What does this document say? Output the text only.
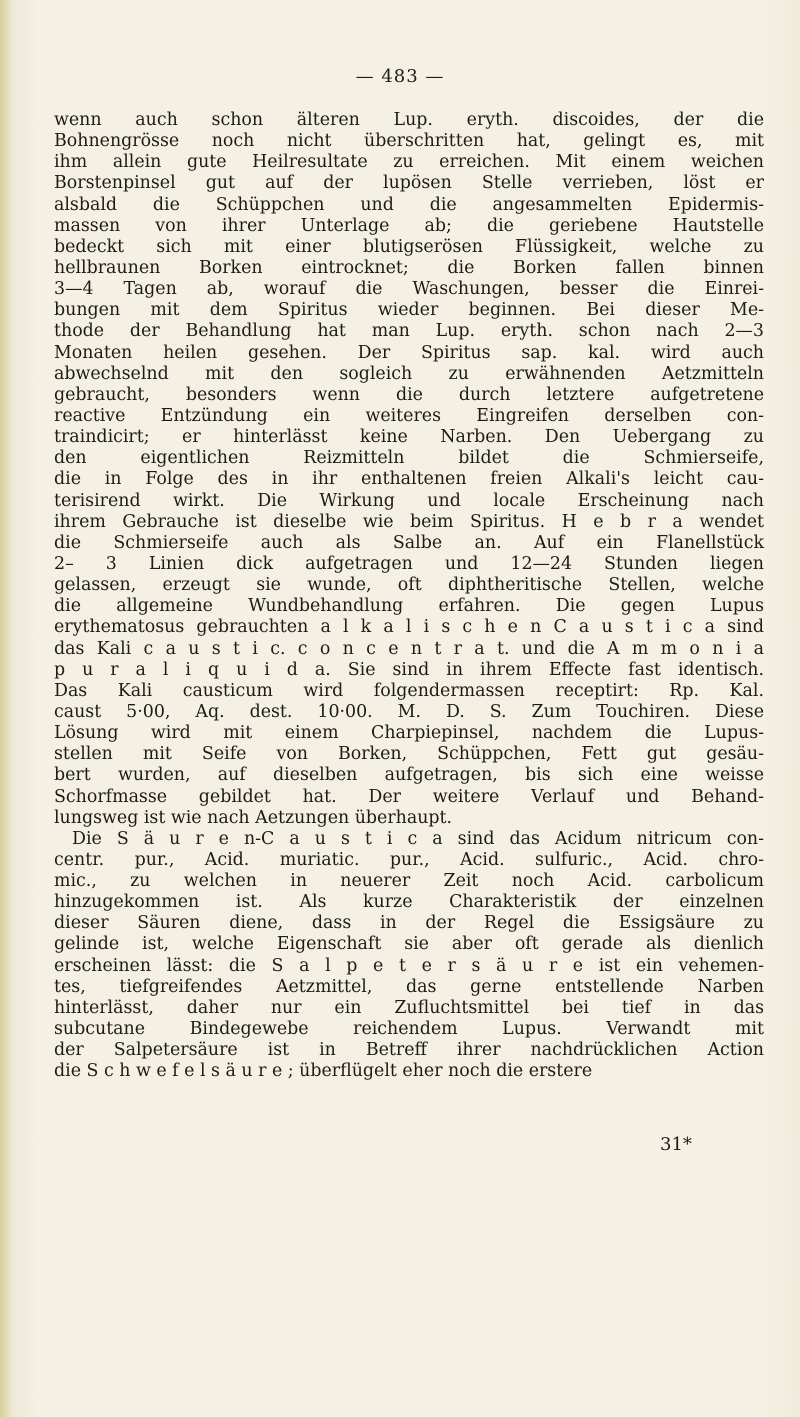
— 483 —
wenn auch schon älteren Lup. eryth. discoides, der die
Bohnengrösse noch nicht überschritten hat, gelingt es, mit
ihm allein gute Heilresultate zu erreichen. Mit einem weichen
Borstenpinsel gut auf der lupösen Stelle verrieben, löst er
alsbald die Schüppchen und die angesammelten Epidermis-
massen von ihrer Unterlage ab; die geriebene Hautstelle
bedeckt sich mit einer blutigserösen Flüssigkeit, welche zu
hellbraunen Borken eintrocknet; die Borken fallen binnen
3—4 Tagen ab, worauf die Waschungen, besser die Einrei-
bungen mit dem Spiritus wieder beginnen. Bei dieser Me-
thode der Behandlung hat man Lup. eryth. schon nach 2—3
Monaten heilen gesehen. Der Spiritus sap. kal. wird auch
abwechselnd mit den sogleich zu erwähnenden Aetzmitteln
gebraucht, besonders wenn die durch letztere aufgetretene
reactive Entzündung ein weiteres Eingreifen derselben con-
traindicirt; er hinterlässt keine Narben. Den Uebergang zu
den eigentlichen Reizmitteln bildet die Schmierseife,
die in Folge des in ihr enthaltenen freien Alkali's leicht cau-
terisirend wirkt. Die Wirkung und locale Erscheinung nach
ihrem Gebrauche ist dieselbe wie beim Spiritus. H e b r a wendet
die Schmierseife auch als Salbe an. Auf ein Flanellstück
2– 3 Linien dick aufgetragen und 12—24 Stunden liegen
gelassen, erzeugt sie wunde, oft diphtheritische Stellen, welche
die allgemeine Wundbehandlung erfahren. Die gegen Lupus
erythematosus gebrauchten a l k a l i s c h e n C a u s t i c a sind
das Kali c a u s t i c. c o n c e n t r a t. und die A m m o n i a
p u r a l i q u i d a. Sie sind in ihrem Effecte fast identisch.
Das Kali causticum wird folgendermassen receptirt: Rp. Kal.
caust 5·00, Aq. dest. 10·00. M. D. S. Zum Touchiren. Diese
Lösung wird mit einem Charpiepinsel, nachdem die Lupus-
stellen mit Seife von Borken, Schüppchen, Fett gut gesäu-
bert wurden, auf dieselben aufgetragen, bis sich eine weisse
Schorfmasse gebildet hat. Der weitere Verlauf und Behand-
lungsweg ist wie nach Aetzungen überhaupt.
Die S ä u r e n-C a u s t i c a sind das Acidum nitricum con-
centr. pur., Acid. muriatic. pur., Acid. sulfuric., Acid. chro-
mic., zu welchen in neuerer Zeit noch Acid. carbolicum
hinzugekommen ist. Als kurze Charakteristik der einzelnen
dieser Säuren diene, dass in der Regel die Essigsäure zu
gelinde ist, welche Eigenschaft sie aber oft gerade als dienlich
erscheinen lässt: die S a l p e t e r s ä u r e ist ein vehemen-
tes, tiefgreifendes Aetzmittel, das gerne entstellende Narben
hinterlässt, daher nur ein Zufluchtsmittel bei tief in das
subcutane Bindegewebe reichendem Lupus. Verwandt mit
der Salpetersäure ist in Betreff ihrer nachdrücklichen Action
die S c h w e f e l s ä u r e ; überflügelt eher noch die erstere
31*
